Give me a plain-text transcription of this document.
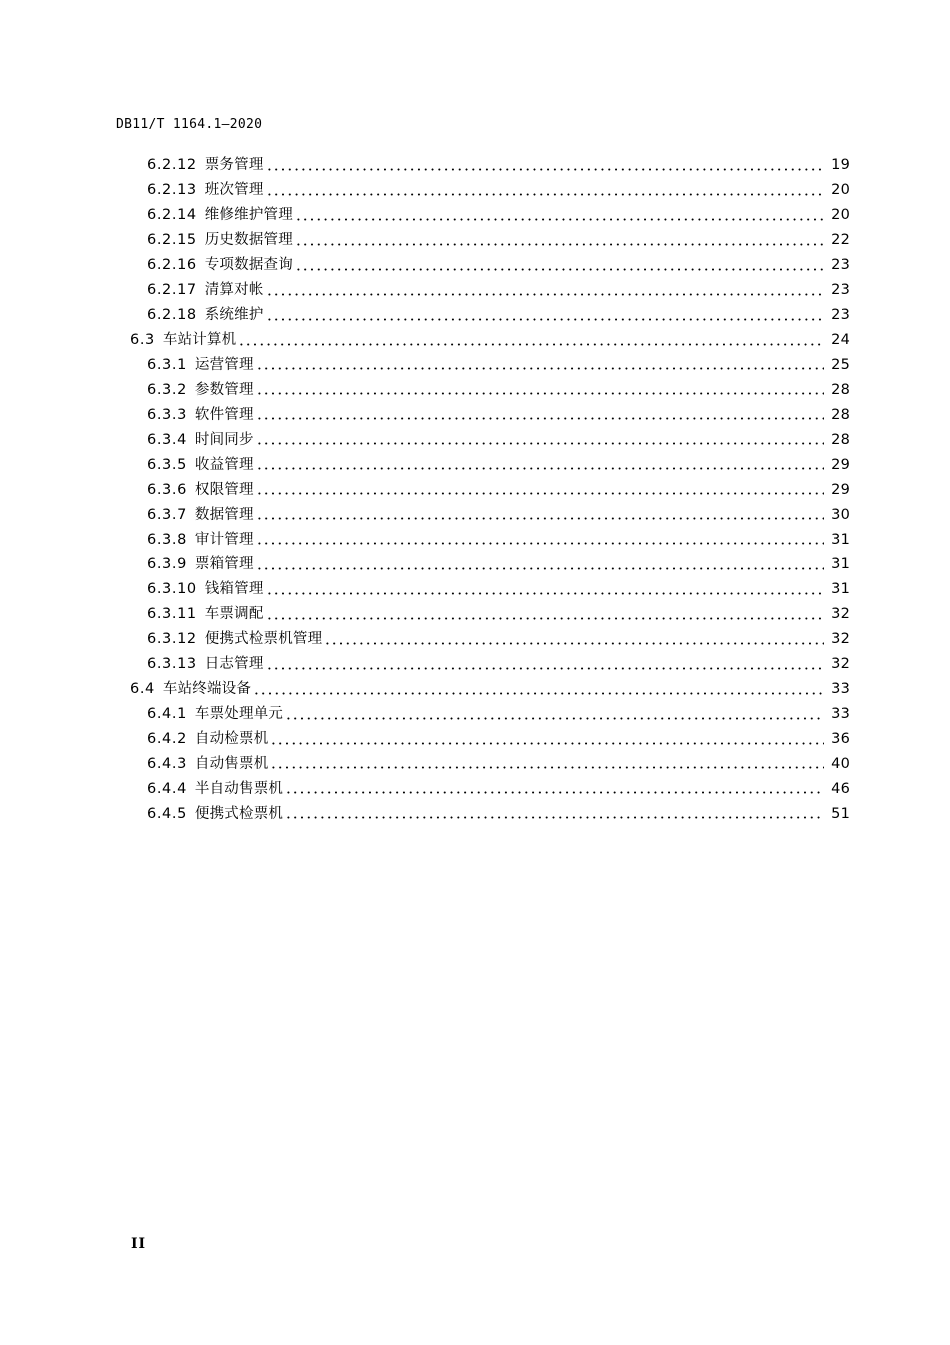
DB11/T 1164.1—2020
6.2.12 票务管理	19
6.2.13 班次管理	20
6.2.14 维修维护管理	20
6.2.15 历史数据管理	22
6.2.16 专项数据查询	23
6.2.17 清算对帐	23
6.2.18 系统维护	23
6.3 车站计算机	24
6.3.1 运营管理	25
6.3.2 参数管理	28
6.3.3 软件管理	28
6.3.4 时间同步	28
6.3.5 收益管理	29
6.3.6 权限管理	29
6.3.7 数据管理	30
6.3.8 审计管理	31
6.3.9 票箱管理	31
6.3.10 钱箱管理	31
6.3.11 车票调配	32
6.3.12 便携式检票机管理	32
6.3.13 日志管理	32
6.4 车站终端设备	33
6.4.1 车票处理单元	33
6.4.2 自动检票机	36
6.4.3 自动售票机	40
6.4.4 半自动售票机	46
6.4.5 便携式检票机	51
II
